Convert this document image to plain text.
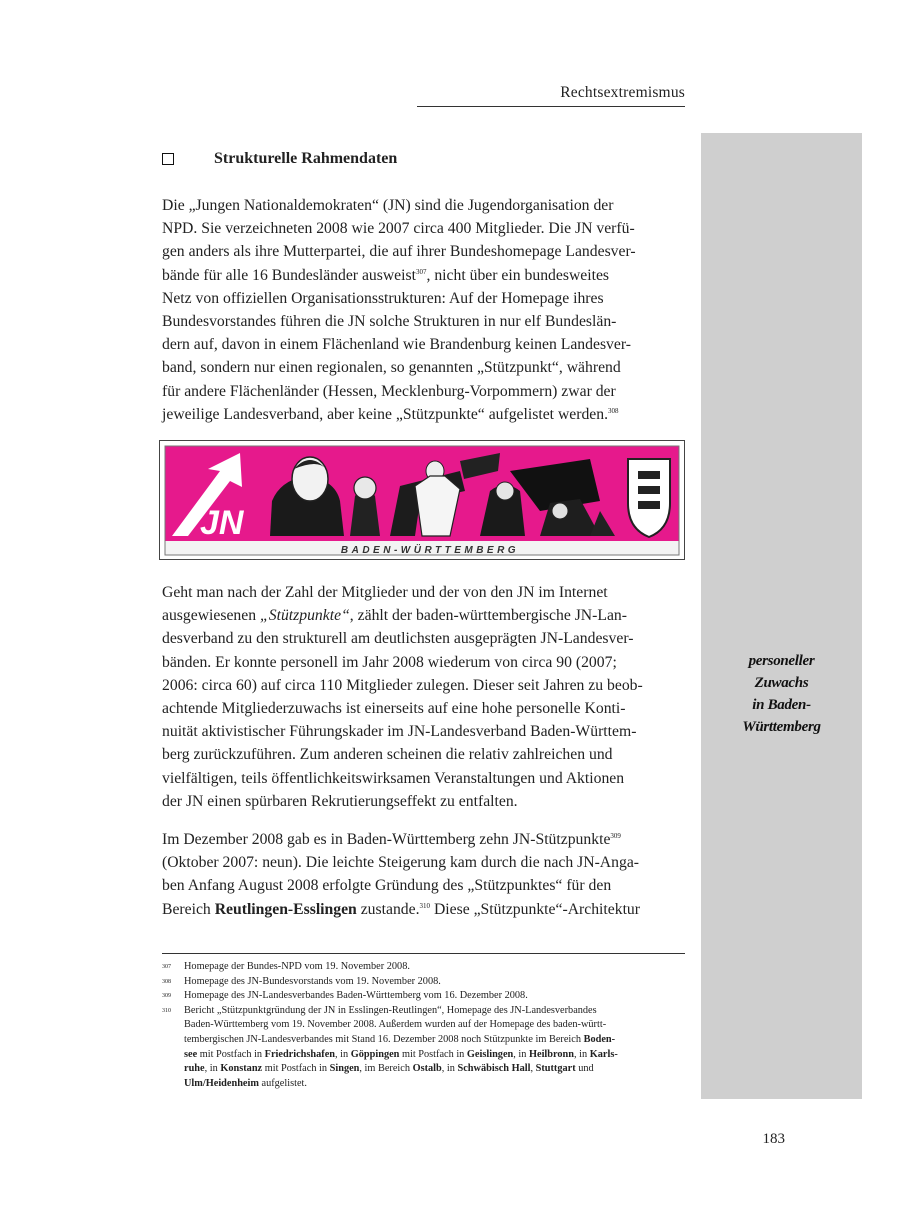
Rechtsextremismus
Strukturelle Rahmendaten
Die „Jungen Nationaldemokraten“ (JN) sind die Jugendorganisation der
NPD. Sie verzeichneten 2008 wie 2007 circa 400 Mitglieder. Die JN verfü-
gen anders als ihre Mutterpartei, die auf ihrer Bundeshomepage Landesver-
bände für alle 16 Bundesländer ausweist$^{307}$, nicht über ein bundesweites
Netz von offiziellen Organisationsstrukturen: Auf der Homepage ihres
Bundesvorstandes führen die JN solche Strukturen in nur elf Bundeslän-
dern auf, davon in einem Flächenland wie Brandenburg keinen Landesver-
band, sondern nur einen regionalen, so genannten „Stützpunkt“, während
für andere Flächenländer (Hessen, Mecklenburg-Vorpommern) zwar der
jeweilige Landesverband, aber keine „Stützpunkte“ aufgelistet werden.$^{308}$
JN
BADEN-WÜRTTEMBERG
Geht man nach der Zahl der Mitglieder und der von den JN im Internet
ausgewiesenen „Stützpunkte“, zählt der baden-württembergische JN-Lan-
desverband zu den strukturell am deutlichsten ausgeprägten JN-Landesver-
bänden. Er konnte personell im Jahr 2008 wiederum von circa 90 (2007;
2006: circa 60) auf circa 110 Mitglieder zulegen. Dieser seit Jahren zu beob-
achtende Mitgliederzuwachs ist einerseits auf eine hohe personelle Konti-
nuität aktivistischer Führungskader im JN-Landesverband Baden-Württem-
berg zurückzuführen. Zum anderen scheinen die relativ zahlreichen und
vielfältigen, teils öffentlichkeitswirksamen Veranstaltungen und Aktionen
der JN einen spürbaren Rekrutierungseffekt zu entfalten.
personeller
Zuwachs
in Baden-
Württemberg
Im Dezember 2008 gab es in Baden-Württemberg zehn JN-Stützpunkte$^{309}$
(Oktober 2007: neun). Die leichte Steigerung kam durch die nach JN-Anga-
ben Anfang August 2008 erfolgte Gründung des „Stützpunktes“ für den
Bereich Reutlingen-Esslingen zustande.$^{310}$ Diese „Stützpunkte“-Architektur
307 Homepage der Bundes-NPD vom 19. November 2008.
308 Homepage des JN-Bundesvorstands vom 19. November 2008.
309 Homepage des JN-Landesverbandes Baden-Württemberg vom 16. Dezember 2008.
310 Bericht „Stützpunktgründung der JN in Esslingen-Reutlingen“, Homepage des JN-Landesverbandes
Baden-Württemberg vom 19. November 2008. Außerdem wurden auf der Homepage des baden-württ-
tembergischen JN-Landesverbandes mit Stand 16. Dezember 2008 noch Stützpunkte im Bereich Boden-
see mit Postfach in Friedrichshafen, in Göppingen mit Postfach in Geislingen, in Heilbronn, in Karls-
ruhe, in Konstanz mit Postfach in Singen, im Bereich Ostalb, in Schwäbisch Hall, Stuttgart und
Ulm/Heidenheim aufgelistet.
183
